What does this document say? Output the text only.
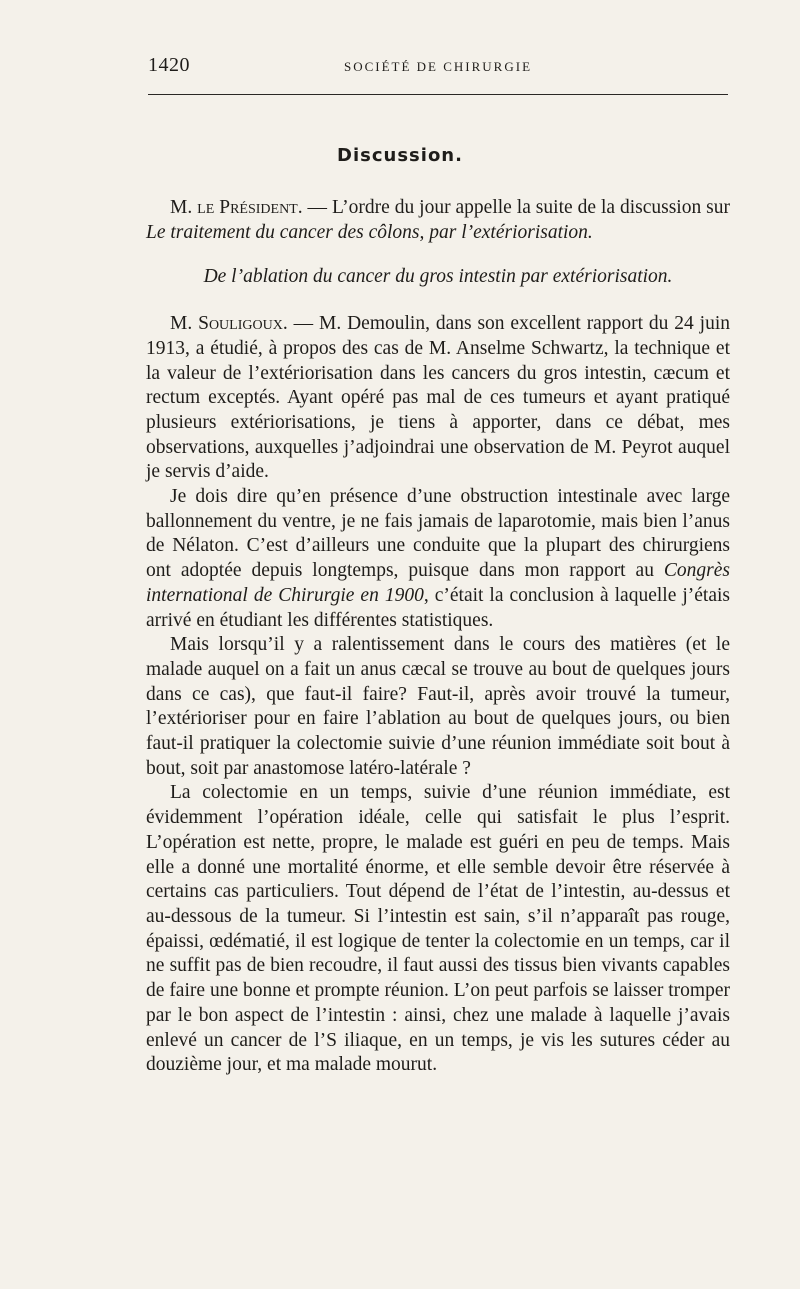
1420	SOCIÉTÉ DE CHIRURGIE
Discussion.

M. le Président. — L’ordre du jour appelle la suite de la discussion sur Le traitement du cancer des côlons, par l’extériorisation.

De l’ablation du cancer du gros intestin par extériorisation.

M. Souligoux. — M. Demoulin, dans son excellent rapport du 24 juin 1913, a étudié, à propos des cas de M. Anselme Schwartz, la technique et la valeur de l’extériorisation dans les cancers du gros intestin, cæcum et rectum exceptés. Ayant opéré pas mal de ces tumeurs et ayant pratiqué plusieurs extériorisations, je tiens à apporter, dans ce débat, mes observations, auxquelles j’adjoindrai une observation de M. Peyrot auquel je servis d’aide.

Je dois dire qu’en présence d’une obstruction intestinale avec large ballonnement du ventre, je ne fais jamais de laparotomie, mais bien l’anus de Nélaton. C’est d’ailleurs une conduite que la plupart des chirurgiens ont adoptée depuis longtemps, puisque dans mon rapport au Congrès international de Chirurgie en 1900, c’était la conclusion à laquelle j’étais arrivé en étudiant les différentes statistiques.

Mais lorsqu’il y a ralentissement dans le cours des matières (et le malade auquel on a fait un anus cæcal se trouve au bout de quelques jours dans ce cas), que faut-il faire? Faut-il, après avoir trouvé la tumeur, l’extérioriser pour en faire l’ablation au bout de quelques jours, ou bien faut-il pratiquer la colectomie suivie d’une réunion immédiate soit bout à bout, soit par anastomose latéro-latérale ?

La colectomie en un temps, suivie d’une réunion immédiate, est évidemment l’opération idéale, celle qui satisfait le plus l’esprit. L’opération est nette, propre, le malade est guéri en peu de temps. Mais elle a donné une mortalité énorme, et elle semble devoir être réservée à certains cas particuliers. Tout dépend de l’état de l’intestin, au-dessus et au-dessous de la tumeur. Si l’intestin est sain, s’il n’apparaît pas rouge, épaissi, œdématié, il est logique de tenter la colectomie en un temps, car il ne suffit pas de bien recoudre, il faut aussi des tissus bien vivants capables de faire une bonne et prompte réunion. L’on peut parfois se laisser tromper par le bon aspect de l’intestin : ainsi, chez une malade à laquelle j’avais enlevé un cancer de l’S iliaque, en un temps, je vis les sutures céder au douzième jour, et ma malade mourut.
